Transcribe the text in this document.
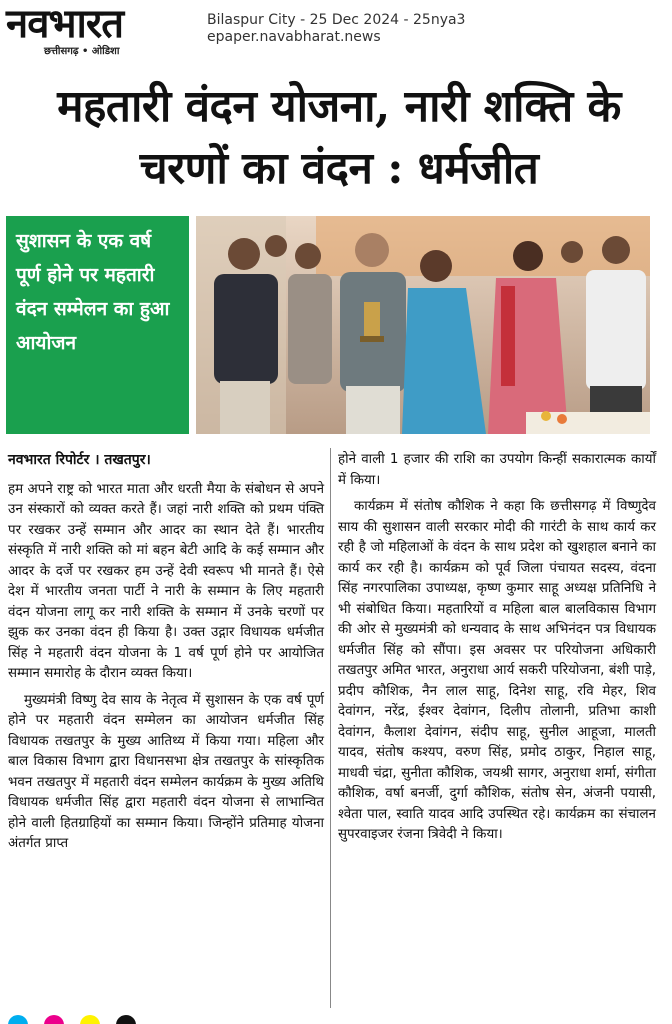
नवभारत
छत्तीसगढ़ • ओडिशा
Bilaspur City - 25 Dec 2024 - 25nya3
epaper.navabharat.news
महतारी वंदन योजना, नारी शक्ति के चरणों का वंदन : धर्मजीत
सुशासन के एक वर्ष पूर्ण होने पर महतारी वंदन सम्मेलन का हुआ आयोजन
नवभारत रिपोर्टर । तखतपुर।

हम अपने राष्ट्र को भारत माता और धरती मैया के संबोधन से अपने उन संस्कारों को व्यक्त करते हैं। जहां नारी शक्ति को प्रथम पंक्ति पर रखकर उन्हें सम्मान और आदर का स्थान देते हैं। भारतीय संस्कृति में नारी शक्ति को मां बहन बेटी आदि के कई सम्मान और आदर के दर्जे पर रखकर हम उन्हें देवी स्वरूप भी मानते हैं। ऐसे देश में भारतीय जनता पार्टी ने नारी के सम्मान के लिए महतारी वंदन योजना लागू कर नारी शक्ति के सम्मान में उनके चरणों पर झुक कर उनका वंदन ही किया है। उक्त उद्गार विधायक धर्मजीत सिंह ने महतारी वंदन योजना के 1 वर्ष पूर्ण होने पर आयोजित सम्मान समारोह के दौरान व्यक्त किया।

मुख्यमंत्री विष्णु देव साय के नेतृत्व में सुशासन के एक वर्ष पूर्ण होने पर महतारी वंदन सम्मेलन का आयोजन धर्मजीत सिंह विधायक तखतपुर के मुख्य आतिथ्य में किया गया। महिला और बाल विकास विभाग द्वारा विधानसभा क्षेत्र तखतपुर के सांस्कृतिक भवन तखतपुर में महतारी वंदन सम्मेलन कार्यक्रम के मुख्य अतिथि विधायक धर्मजीत सिंह द्वारा महतारी वंदन योजना से लाभान्वित होने वाली हितग्राहियों का सम्मान किया। जिन्होंने प्रतिमाह योजना अंतर्गत प्राप्त

होने वाली 1 हजार की राशि का उपयोग किन्हीं सकारात्मक कार्यों में किया।

कार्यक्रम में संतोष कौशिक ने कहा कि छत्तीसगढ़ में विष्णुदेव साय की सुशासन वाली सरकार मोदी की गारंटी के साथ कार्य कर रही है जो महिलाओं के वंदन के साथ प्रदेश को खुशहाल बनाने का कार्य कर रही है। कार्यक्रम को पूर्व जिला पंचायत सदस्य, वंदना सिंह नगरपालिका उपाध्यक्ष, कृष्ण कुमार साहू अध्यक्ष प्रतिनिधि ने भी संबोधित किया। महतारियों व महिला बाल बालविकास विभाग की ओर से मुख्यमंत्री को धन्यवाद के साथ अभिनंदन पत्र विधायक धर्मजीत सिंह को सौंपा। इस अवसर पर परियोजना अधिकारी तखतपुर अमित भारत, अनुराधा आर्य सकरी परियोजना, बंशी पाड़े, प्रदीप कौशिक, नैन लाल साहू, दिनेश साहू, रवि मेहर, शिव देवांगन, नरेंद्र, ईश्वर देवांगन, दिलीप तोलानी, प्रतिभा काशी देवांगन, कैलाश देवांगन, संदीप साहू, सुनील आहूजा, मालती यादव, संतोष कश्यप, वरुण सिंह, प्रमोद ठाकुर, निहाल साहू, माधवी चंद्रा, सुनीता कौशिक, जयश्री सागर, अनुराधा शर्मा, संगीता कौशिक, वर्षा बनर्जी, दुर्गा कौशिक, संतोष सेन, अंजनी पयासी, श्वेता पाल, स्वाति यादव आदि उपस्थित रहे। कार्यक्रम का संचालन सुपरवाइजर रंजना त्रिवेदी ने किया।
